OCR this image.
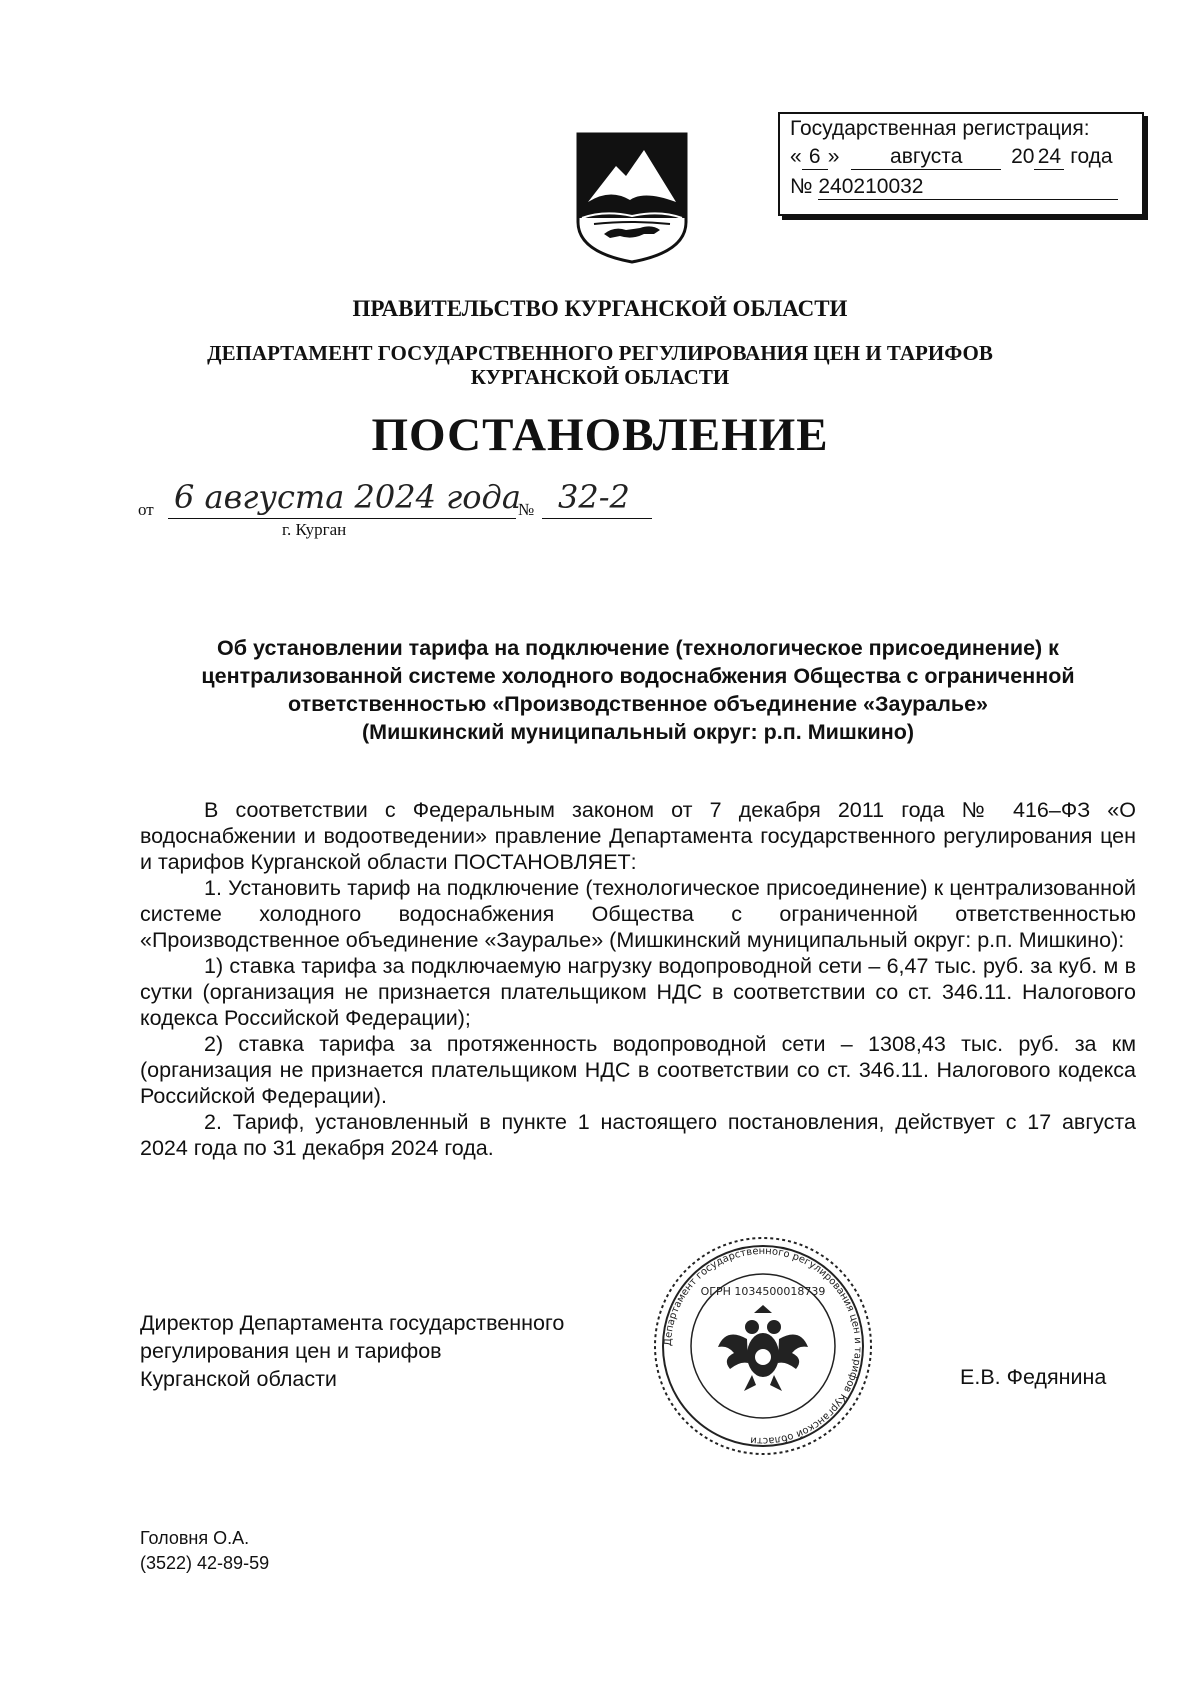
Государственная регистрация:
« 6 » августа 20 24 года
№ 240210032
ПРАВИТЕЛЬСТВО КУРГАНСКОЙ ОБЛАСТИ
ДЕПАРТАМЕНТ ГОСУДАРСТВЕННОГО РЕГУЛИРОВАНИЯ ЦЕН И ТАРИФОВ
КУРГАНСКОЙ ОБЛАСТИ
ПОСТАНОВЛЕНИЕ
от 6 августа 2024 года
№ 32-2
г. Курган
Об установлении тарифа на подключение (технологическое присоединение) к
централизованной системе холодного водоснабжения Общества с ограниченной
ответственностью «Производственное объединение «Зауралье»
(Мишкинский муниципальный округ: р.п. Мишкино)

В соответствии с Федеральным законом от 7 декабря 2011 года № 416–ФЗ «О водоснабжении и водоотведении» правление Департамента государственного регулирования цен и тарифов Курганской области ПОСТАНОВЛЯЕТ:

1. Установить тариф на подключение (технологическое присоединение) к централизованной системе холодного водоснабжения Общества с ограниченной ответственностью «Производственное объединение «Зауралье» (Мишкинский муниципальный округ: р.п. Мишкино):

1) ставка тарифа за подключаемую нагрузку водопроводной сети – 6,47 тыс. руб. за куб. м в сутки (организация не признается плательщиком НДС в соответствии со ст. 346.11. Налогового кодекса Российской Федерации);

2) ставка тарифа за протяженность водопроводной сети – 1308,43 тыс. руб. за км (организация не признается плательщиком НДС в соответствии со ст. 346.11. Налогового кодекса Российской Федерации).

2. Тариф, установленный в пункте 1 настоящего постановления, действует с 17 августа 2024 года по 31 декабря 2024 года.

Директор Департамента государственного
регулирования цен и тарифов
Курганской области
Департамент государственного регулирования цен и тарифов Курганской области
ОГРН 1034500018739
Е.В. Федянина
Головня О.А.
(3522) 42-89-59
